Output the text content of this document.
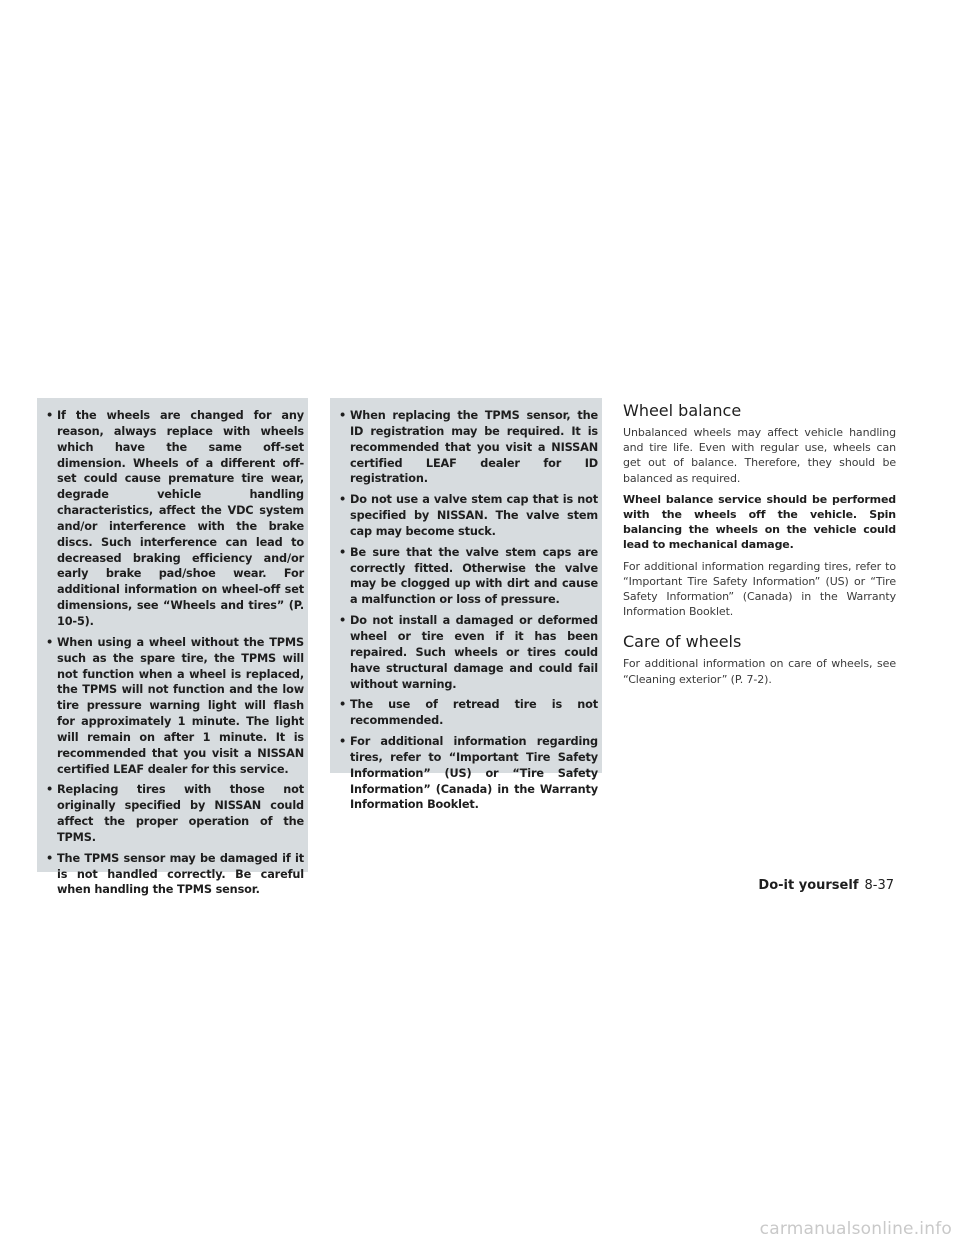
• If the wheels are changed for any reason, always replace with wheels which have the same off-set dimension. Wheels of a different off-set could cause premature tire wear, degrade vehicle handling characteristics, affect the VDC system and/or interference with the brake discs. Such interference can lead to decreased braking efficiency and/or early brake pad/shoe wear. For additional information on wheel-off set dimensions, see “Wheels and tires” (P. 10-5).
• When using a wheel without the TPMS such as the spare tire, the TPMS will not function when a wheel is replaced, the TPMS will not function and the low tire pressure warning light will flash for approximately 1 minute. The light will remain on after 1 minute. It is recommended that you visit a NISSAN certified LEAF dealer for this service.
• Replacing tires with those not originally specified by NISSAN could affect the proper operation of the TPMS.
• The TPMS sensor may be damaged if it is not handled correctly. Be careful when handling the TPMS sensor.
• When replacing the TPMS sensor, the ID registration may be required. It is recommended that you visit a NISSAN certified LEAF dealer for ID registration.
• Do not use a valve stem cap that is not specified by NISSAN. The valve stem cap may become stuck.
• Be sure that the valve stem caps are correctly fitted. Otherwise the valve may be clogged up with dirt and cause a malfunction or loss of pressure.
• Do not install a damaged or deformed wheel or tire even if it has been repaired. Such wheels or tires could have structural damage and could fail without warning.
• The use of retread tire is not recommended.
• For additional information regarding tires, refer to “Important Tire Safety Information” (US) or “Tire Safety Information” (Canada) in the Warranty Information Booklet.
Wheel balance

Unbalanced wheels may affect vehicle handling and tire life. Even with regular use, wheels can get out of balance. Therefore, they should be balanced as required.

Wheel balance service should be performed with the wheels off the vehicle. Spin balancing the wheels on the vehicle could lead to mechanical damage.

For additional information regarding tires, refer to “Important Tire Safety Information” (US) or “Tire Safety Information” (Canada) in the Warranty Information Booklet.

Care of wheels

For additional information on care of wheels, see “Cleaning exterior” (P. 7-2).

Do-it yourself 8-37
carmanualsonline.info
